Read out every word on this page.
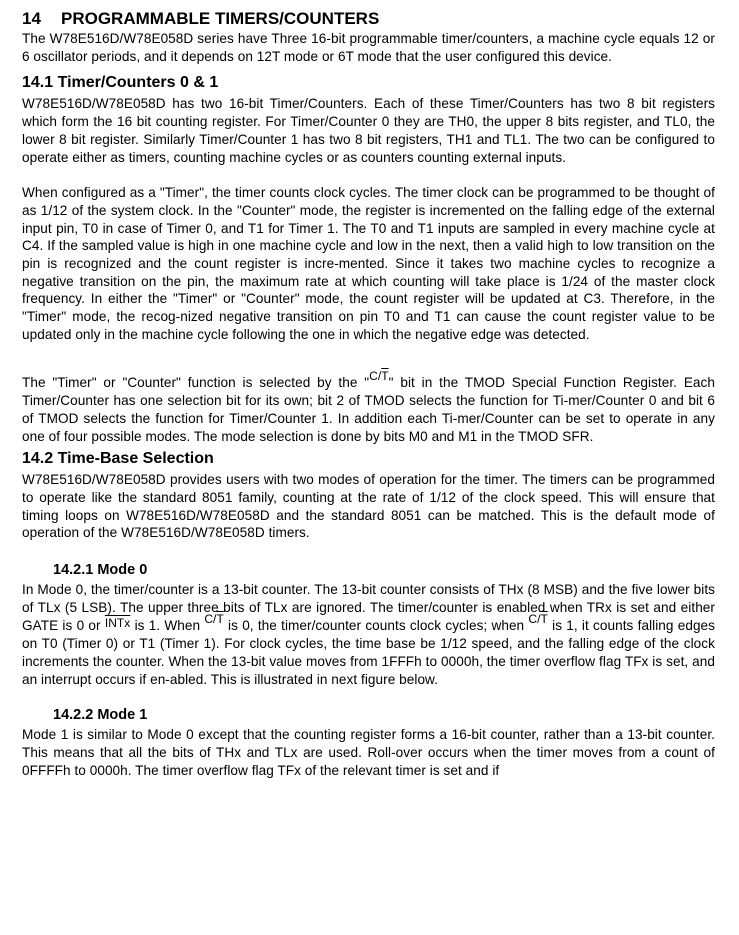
14 PROGRAMMABLE TIMERS/COUNTERS

The W78E516D/W78E058D series have Three 16-bit programmable timer/counters, a machine cycle equals 12 or 6 oscillator periods, and it depends on 12T mode or 6T mode that the user configured this device.

14.1 Timer/Counters 0 & 1

W78E516D/W78E058D has two 16-bit Timer/Counters. Each of these Timer/Counters has two 8 bit registers which form the 16 bit counting register. For Timer/Counter 0 they are TH0, the upper 8 bits register, and TL0, the lower 8 bit register. Similarly Timer/Counter 1 has two 8 bit registers, TH1 and TL1. The two can be configured to operate either as timers, counting machine cycles or as counters counting external inputs.

When configured as a "Timer", the timer counts clock cycles. The timer clock can be programmed to be thought of as 1/12 of the system clock. In the "Counter" mode, the register is incremented on the falling edge of the external input pin, T0 in case of Timer 0, and T1 for Timer 1. The T0 and T1 inputs are sampled in every machine cycle at C4. If the sampled value is high in one machine cycle and low in the next, then a valid high to low transition on the pin is recognized and the count register is incre-mented. Since it takes two machine cycles to recognize a negative transition on the pin, the maximum rate at which counting will take place is 1/24 of the master clock frequency. In either the "Timer" or "Counter" mode, the count register will be updated at C3. Therefore, in the "Timer" mode, the recog-nized negative transition on pin T0 and T1 can cause the count register value to be updated only in the machine cycle following the one in which the negative edge was detected.

The "Timer" or "Counter" function is selected by the "$C/\overline{T}$" bit in the TMOD Special Function Register. Each Timer/Counter has one selection bit for its own; bit 2 of TMOD selects the function for Ti-mer/Counter 0 and bit 6 of TMOD selects the function for Timer/Counter 1. In addition each Ti-mer/Counter can be set to operate in any one of four possible modes. The mode selection is done by bits M0 and M1 in the TMOD SFR.

14.2 Time-Base Selection

W78E516D/W78E058D provides users with two modes of operation for the timer. The timers can be programmed to operate like the standard 8051 family, counting at the rate of 1/12 of the clock speed. This will ensure that timing loops on W78E516D/W78E058D and the standard 8051 can be matched. This is the default mode of operation of the W78E516D/W78E058D timers.

14.2.1 Mode 0

In Mode 0, the timer/counter is a 13-bit counter. The 13-bit counter consists of THx (8 MSB) and the five lower bits of TLx (5 LSB). The upper three bits of TLx are ignored. The timer/counter is enabled when TRx is set and either GATE is 0 or INTx is 1. When $C/\overline{T}$ is 0, the timer/counter counts clock cycles; when $C/\overline{T}$ is 1, it counts falling edges on T0 (Timer 0) or T1 (Timer 1). For clock cycles, the time base be 1/12 speed, and the falling edge of the clock increments the counter. When the 13-bit value moves from 1FFFh to 0000h, the timer overflow flag TFx is set, and an interrupt occurs if en-abled. This is illustrated in next figure below.

14.2.2 Mode 1

Mode 1 is similar to Mode 0 except that the counting register forms a 16-bit counter, rather than a 13-bit counter. This means that all the bits of THx and TLx are used. Roll-over occurs when the timer moves from a count of 0FFFFh to 0000h. The timer overflow flag TFx of the relevant timer is set and if
